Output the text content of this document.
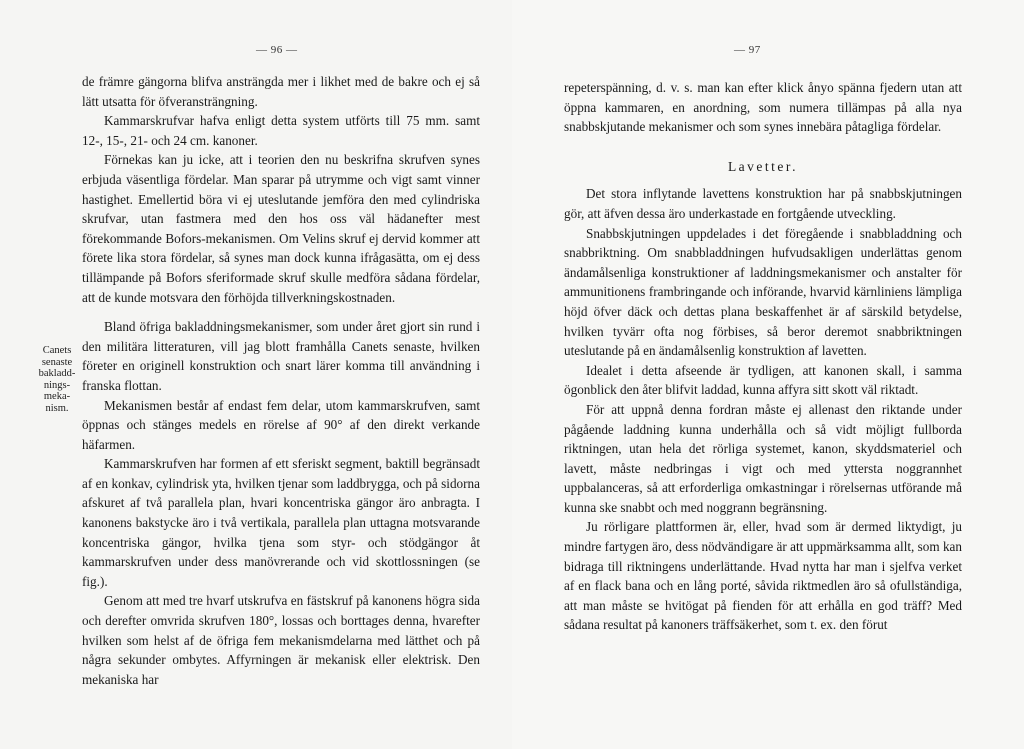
— 96 —
Canets
senaste
bakladd-
nings-meka-
nism.

de främre gängorna blifva ansträngda mer i likhet med de bakre och ej så lätt utsatta för öfveransträngning.

Kammarskrufvar hafva enligt detta system utförts till 75 mm. samt 12-, 15-, 21- och 24 cm. kanoner.

Förnekas kan ju icke, att i teorien den nu beskrifna skrufven synes erbjuda väsentliga fördelar. Man sparar på utrymme och vigt samt vinner hastighet. Emellertid böra vi ej uteslutande jemföra den med cylindriska skrufvar, utan fastmera med den hos oss väl hädanefter mest förekommande Bofors-mekanismen. Om Velins skruf ej dervid kommer att förete lika stora fördelar, så synes man dock kunna ifrågasätta, om ej dess tillämpande på Bofors sferiformade skruf skulle medföra sådana fördelar, att de kunde motsvara den förhöjda tillverkningskostnaden.

Bland öfriga bakladdningsmekanismer, som under året gjort sin rund i den militära litteraturen, vill jag blott framhålla Canets senaste, hvilken företer en originell konstruktion och snart lärer komma till användning i franska flottan.

Mekanismen består af endast fem delar, utom kammarskrufven, samt öppnas och stänges medels en rörelse af 90° af den direkt verkande häfarmen.

Kammarskrufven har formen af ett sferiskt segment, baktill begränsadt af en konkav, cylindrisk yta, hvilken tjenar som laddbrygga, och på sidorna afskuret af två parallela plan, hvari koncentriska gängor äro anbragta. I kanonens bakstycke äro i två vertikala, parallela plan uttagna motsvarande koncentriska gängor, hvilka tjena som styr- och stödgängor åt kammarskrufven under dess manövrerande och vid skottlossningen (se fig.).

Genom att med tre hvarf utskrufva en fästskruf på kanonens högra sida och derefter omvrida skrufven 180°, lossas och borttages denna, hvarefter hvilken som helst af de öfriga fem mekanismdelarna med lätthet och på några sekunder ombytes. Affyrningen är mekanisk eller elektrisk. Den mekaniska har

— 97

repeterspänning, d. v. s. man kan efter klick ånyo spänna fjedern utan att öppna kammaren, en anordning, som numera tillämpas på alla nya snabbskjutande mekanismer och som synes innebära påtagliga fördelar.

Lavetter.

Det stora inflytande lavettens konstruktion har på snabbskjutningen gör, att äfven dessa äro underkastade en fortgående utveckling.

Snabbskjutningen uppdelades i det föregående i snabbladdning och snabbriktning. Om snabbladdningen hufvudsakligen underlättas genom ändamålsenliga konstruktioner af laddningsmekanismer och anstalter för ammunitionens frambringande och införande, hvarvid kärnliniens lämpliga höjd öfver däck och dettas plana beskaffenhet är af särskild betydelse, hvilken tyvärr ofta nog förbises, så beror deremot snabbriktningen uteslutande på en ändamålsenlig konstruktion af lavetten.

Idealet i detta afseende är tydligen, att kanonen skall, i samma ögonblick den åter blifvit laddad, kunna affyra sitt skott väl riktadt.

För att uppnå denna fordran måste ej allenast den riktande under pågående laddning kunna underhålla och så vidt möjligt fullborda riktningen, utan hela det rörliga systemet, kanon, skyddsmateriel och lavett, måste nedbringas i vigt och med yttersta noggrannhet uppbalanceras, så att erforderliga omkastningar i rörelsernas utförande må kunna ske snabbt och med noggrann begränsning.

Ju rörligare plattformen är, eller, hvad som är dermed liktydigt, ju mindre fartygen äro, dess nödvändigare är att uppmärksamma allt, som kan bidraga till riktningens underlättande. Hvad nytta har man i sjelfva verket af en flack bana och en lång porté, såvida riktmedlen äro så ofullständiga, att man måste se hvitögat på fienden för att erhålla en god träff? Med sådana resultat på kanoners träffsäkerhet, som t. ex. den förut
